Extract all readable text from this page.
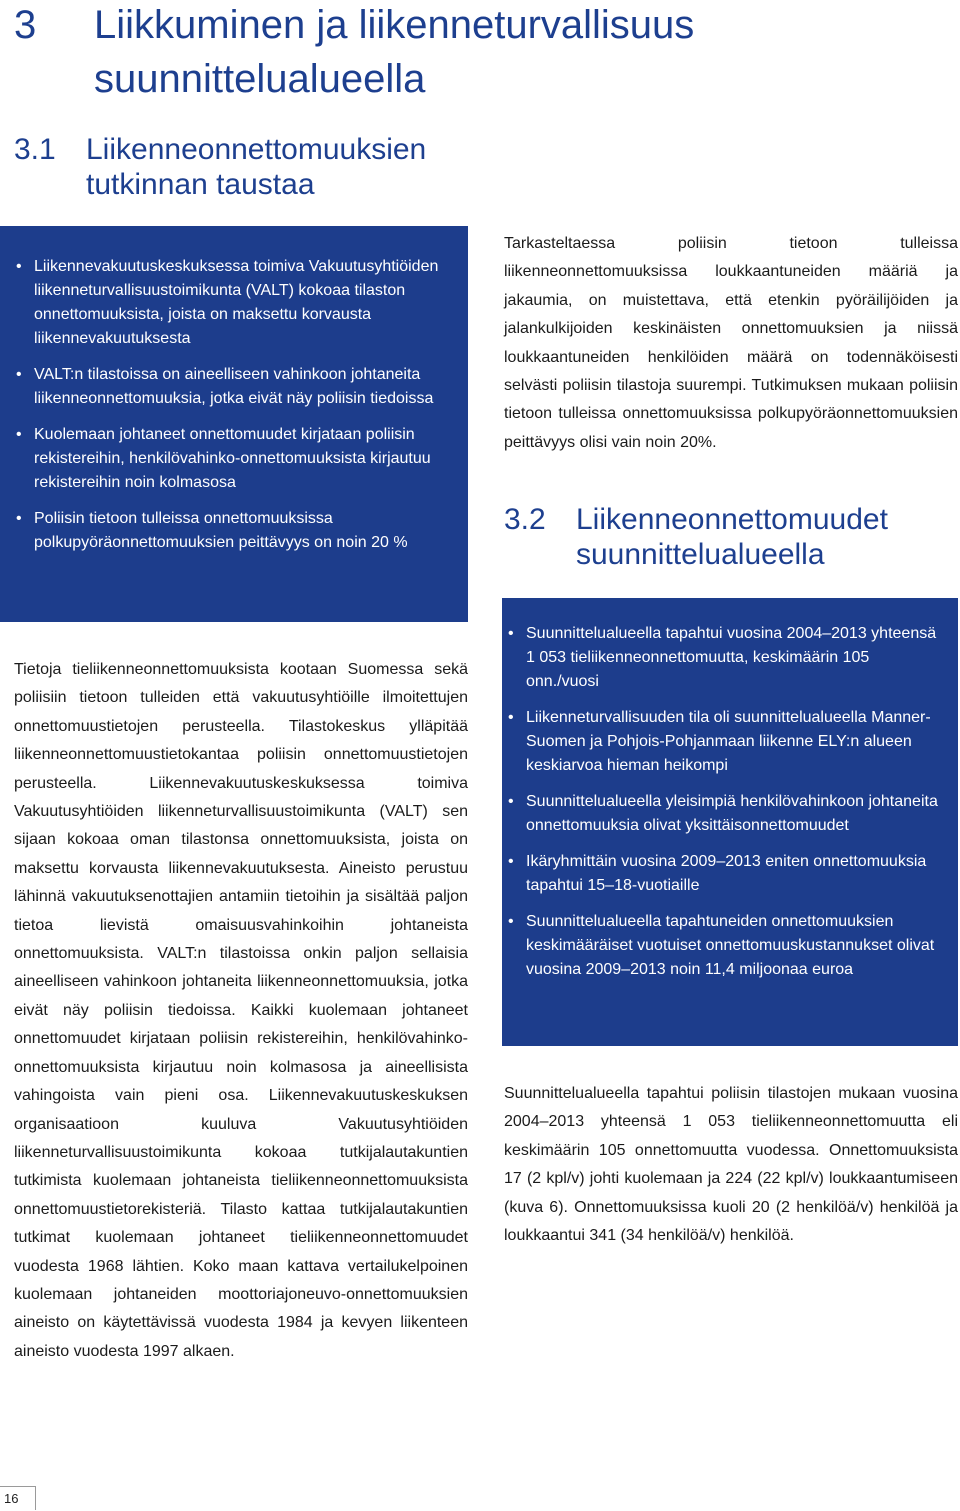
3	Liikkuminen ja liikenneturvallisuus suunnittelualueella
3.1	Liikenneonnettomuuksien tutkinnan taustaa
• Liikennevakuutuskeskuksessa toimiva Vakuutusyhtiöiden liikenneturvallisuustoimikunta (VALT) kokoaa tilaston onnettomuuksista, joista on maksettu korvausta liikennevakuutuksesta
• VALT:n tilastoissa on aineelliseen vahinkoon johtaneita liikenneonnettomuuksia, jotka eivät näy poliisin tiedoissa
• Kuolemaan johtaneet onnettomuudet kirjataan poliisin rekistereihin, henkilövahinko-onnettomuuksista kirjautuu rekistereihin noin kolmasosa
• Poliisin tietoon tulleissa onnettomuuksissa polkupyöräonnettomuuksien peittävyys on noin 20 %

Tietoja tieliikenneonnettomuuksista kootaan Suomessa sekä poliisiin tietoon tulleiden että vakuutusyhtiöille ilmoitettujen onnettomuustietojen perusteella. Tilastokeskus ylläpitää liikenneonnettomuustietokantaa poliisin onnettomuustietojen perusteella. Liikennevakuutuskeskuksessa toimiva Vakuutusyhtiöiden liikenneturvallisuustoimikunta (VALT) sen sijaan kokoaa oman tilastonsa onnettomuuksista, joista on maksettu korvausta liikennevakuutuksesta. Aineisto perustuu lähinnä vakuutuksenottajien antamiin tietoihin ja sisältää paljon tietoa lievistä omaisuusvahinkoihin johtaneista onnettomuuksista. VALT:n tilastoissa onkin paljon sellaisia aineelliseen vahinkoon johtaneita liikenneonnettomuuksia, jotka eivät näy poliisin tiedoissa. Kaikki kuolemaan johtaneet onnettomuudet kirjataan poliisin rekistereihin, henkilövahinko-onnettomuuksista kirjautuu noin kolmasosa ja aineellisista vahingoista vain pieni osa. Liikennevakuutuskeskuksen organisaatioon kuuluva Vakuutusyhtiöiden liikenneturvallisuustoimikunta kokoaa tutkijalautakuntien tutkimista kuolemaan johtaneista tieliikenneonnettomuuksista onnettomuustietorekisteriä. Tilasto kattaa tutkijalautakuntien tutkimat kuolemaan johtaneet tieliikenneonnettomuudet vuodesta 1968 lähtien. Koko maan kattava vertailukelpoinen kuolemaan johtaneiden moottoriajoneuvo-onnettomuuksien aineisto on käytettävissä vuodesta 1984 ja kevyen liikenteen aineisto vuodesta 1997 alkaen.

Tarkasteltaessa poliisin tietoon tulleissa liikenneonnettomuuksissa loukkaantuneiden määriä ja jakaumia, on muistettava, että etenkin pyöräilijöiden ja jalankulkijoiden keskinäisten onnettomuuksien ja niissä loukkaantuneiden henkilöiden määrä on todennäköisesti selvästi poliisin tilastoja suurempi. Tutkimuksen mukaan poliisin tietoon tulleissa onnettomuuksissa polkupyöräonnettomuuksien peittävyys olisi vain noin 20%.

3.2	Liikenneonnettomuudet suunnittelualueella
• Suunnittelualueella tapahtui vuosina 2004–2013 yhteensä 1 053 tieliikenneonnettomuutta, keskimäärin 105 onn./vuosi
• Liikenneturvallisuuden tila oli suunnittelualueella Manner-Suomen ja Pohjois-Pohjanmaan liikenne ELY:n alueen keskiarvoa hieman heikompi
• Suunnittelualueella yleisimpiä henkilövahinkoon johtaneita onnettomuuksia olivat yksittäisonnettomuudet
• Ikäryhmittäin vuosina 2009–2013 eniten onnettomuuksia tapahtui 15–18-vuotiaille
• Suunnittelualueella tapahtuneiden onnettomuuksien keskimääräiset vuotuiset onnettomuuskustannukset olivat vuosina 2009–2013 noin 11,4 miljoonaa euroa

Suunnittelualueella tapahtui poliisin tilastojen mukaan vuosina 2004–2013 yhteensä 1 053 tieliikenneonnettomuutta eli keskimäärin 105 onnettomuutta vuodessa. Onnettomuuksista 17 (2 kpl/v) johti kuolemaan ja 224 (22 kpl/v) loukkaantumiseen (kuva 6). Onnettomuuksissa kuoli 20 (2 henkilöä/v) henkilöä ja loukkaantui 341 (34 henkilöä/v) henkilöä.

16
